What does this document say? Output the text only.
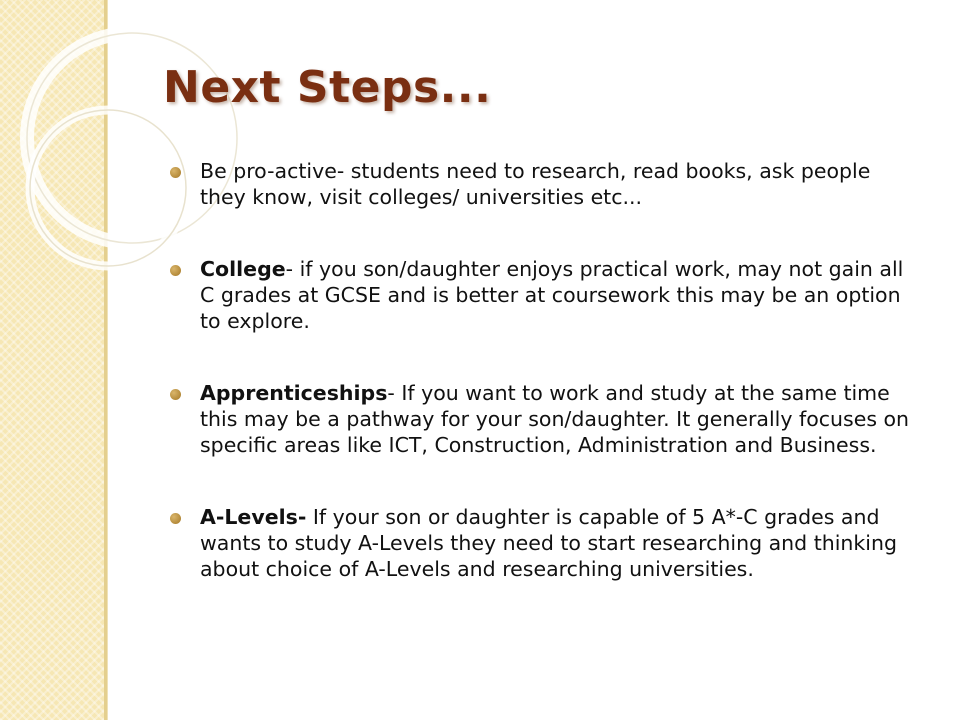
Next Steps...
Be pro-active- students need to research, read books, ask people they know, visit colleges/ universities etc...
College- if you son/daughter enjoys practical work, may not gain all C grades at GCSE and is better at coursework this may be an option to explore.
Apprenticeships- If you want to work and study at the same time this may be a pathway for your son/daughter. It generally focuses on specific areas like ICT, Construction, Administration and Business.
A-Levels- If your son or daughter is capable of 5 A*-C grades and wants to study A-Levels they need to start researching and thinking about choice of A-Levels and researching universities.
